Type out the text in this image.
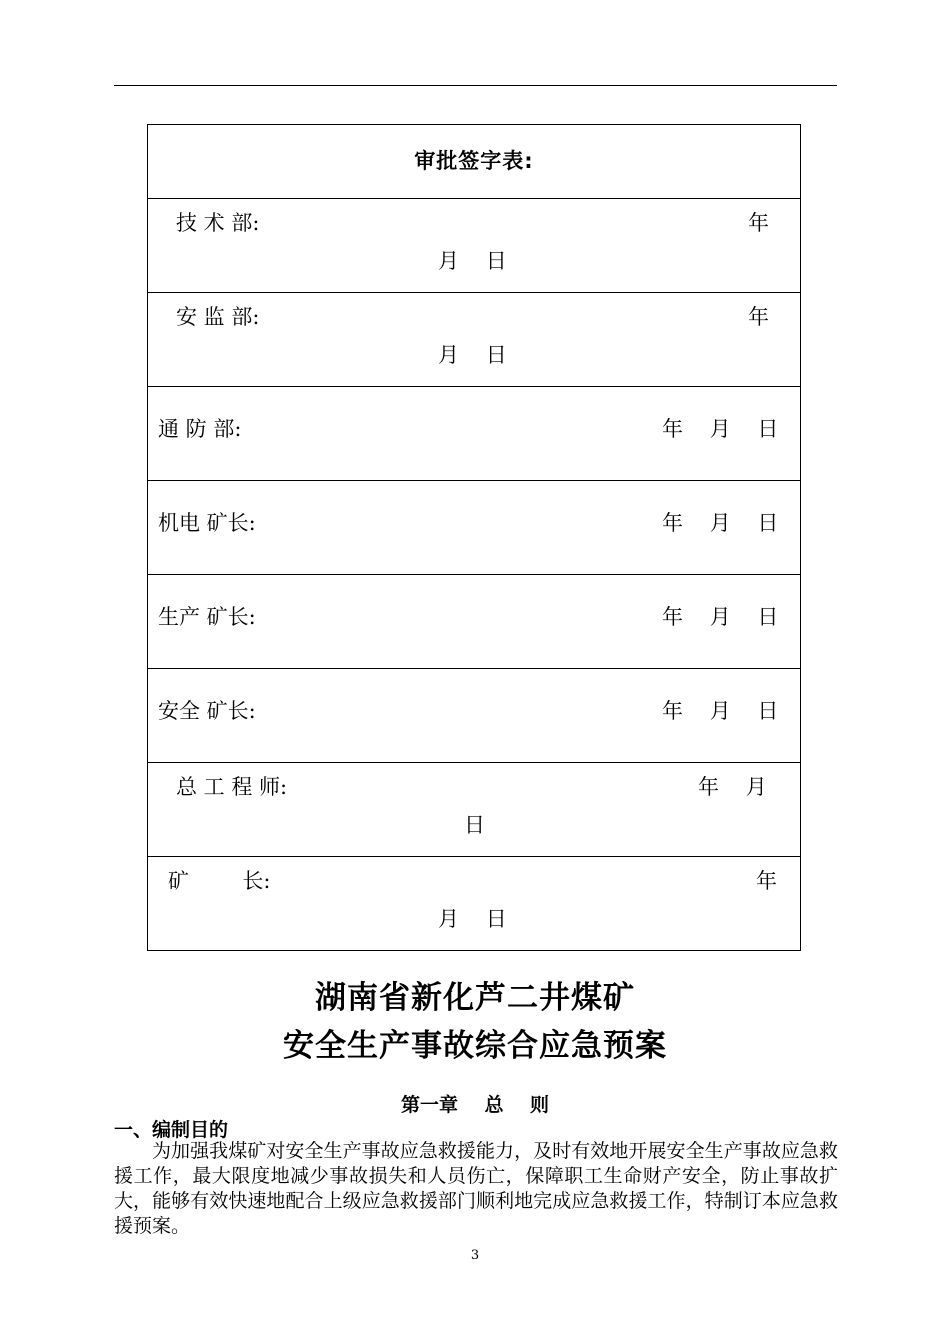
审批签字表:

技 术 部:	年
月    日

安 监 部:	年
月    日

通 防 部:	年    月    日

机电 矿长:	年    月    日

生产 矿长:	年    月    日

安全 矿长:	年    月    日

总 工 程 师:	年    月
日

矿        长:	年
月    日
湖南省新化芦二井煤矿
安全生产事故综合应急预案
第一章    总    则
一、编制目的
为加强我煤矿对安全生产事故应急救援能力，及时有效地开展安全生产事故应急救援工作，最大限度地减少事故损失和人员伤亡，保障职工生命财产安全，防止事故扩大，能够有效快速地配合上级应急救援部门顺利地完成应急救援工作，特制订本应急救援预案。
3
